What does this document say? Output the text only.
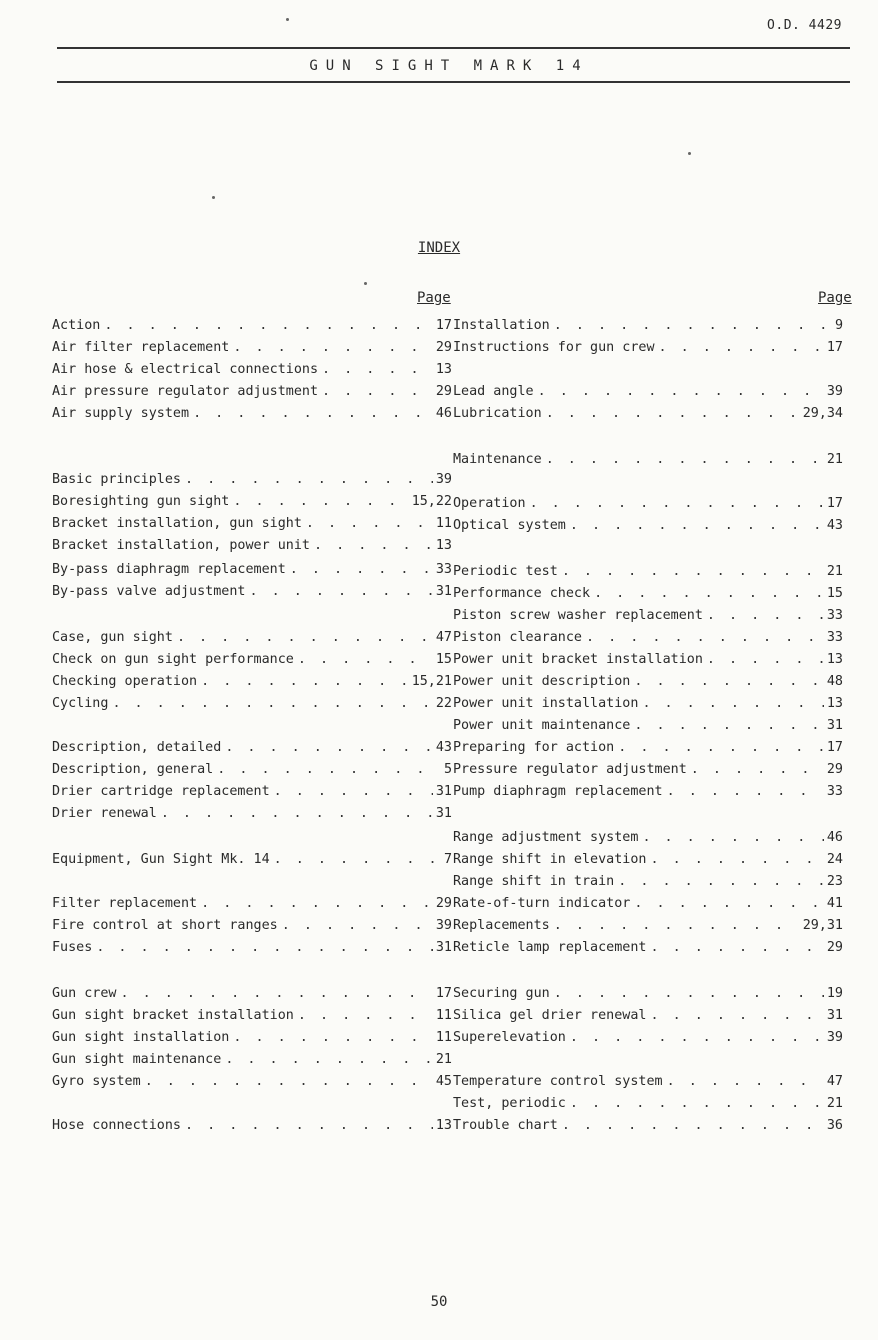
O.D. 4429
GUN SIGHT MARK 14
INDEX
Page	Page
Action . . .	17
Air filter replacement . . .	29
Air hose & electrical connections . . .	13
Air pressure regulator adjustment . . .	29
Air supply system . . .	46
Basic principles . . .	39
Boresighting gun sight . . .	15,22
Bracket installation, gun sight . . .	11
Bracket installation, power unit . . .	13
By-pass diaphragm replacement . . .	33
By-pass valve adjustment . . .	31
Case, gun sight . . .	47
Check on gun sight performance . . .	15
Checking operation . . .	15,21
Cycling . . .	22
Description, detailed . . .	43
Description, general . . .	5
Drier cartridge replacement . . .	31
Drier renewal . . .	31
Equipment, Gun Sight Mk. 14 . . .	7
Filter replacement . . .	29
Fire control at short ranges . . .	39
Fuses . . .	31
Gun crew . . .	17
Gun sight bracket installation . . .	11
Gun sight installation . . .	11
Gun sight maintenance . . .	21
Gyro system . . .	45
Hose connections . . .	13
Installation . . .	9
Instructions for gun crew . . .	17
Lead angle . . .	39
Lubrication . . .	29,34
Maintenance . . .	21
Operation . . .	17
Optical system . . .	43
Periodic test . . .	21
Performance check . . .	15
Piston screw washer replacement . . .	33
Piston clearance . . .	33
Power unit bracket installation . . .	13
Power unit description . . .	48
Power unit installation . . .	13
Power unit maintenance . . .	31
Preparing for action . . .	17
Pressure regulator adjustment . . .	29
Pump diaphragm replacement . . .	33
Range adjustment system . . .	46
Range shift in elevation . . .	24
Range shift in train . . .	23
Rate-of-turn indicator . . .	41
Replacements . . .	29,31
Reticle lamp replacement . . .	29
Securing gun . . .	19
Silica gel drier renewal . . .	31
Superelevation . . .	39
Temperature control system . . .	47
Test, periodic . . .	21
Trouble chart . . .	36
50
